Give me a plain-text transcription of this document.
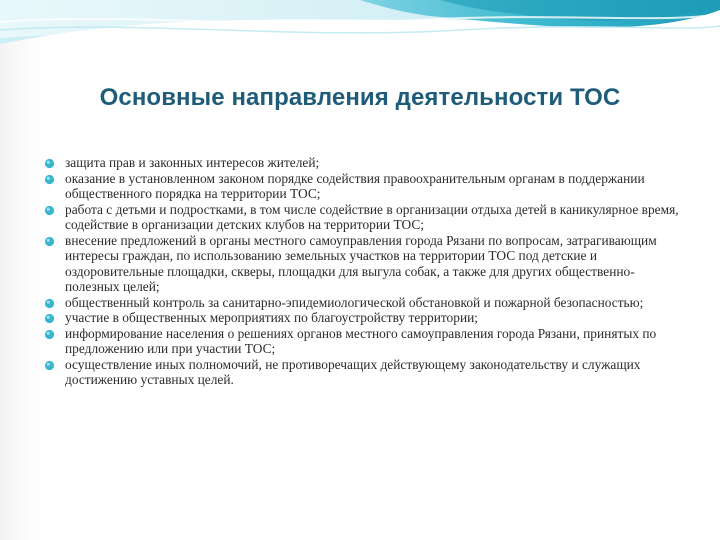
Основные направления деятельности ТОС
защита прав и законных интересов жителей;
оказание в установленном законом порядке содействия правоохранительным органам в поддержании общественного порядка на территории ТОС;
работа с детьми и подростками, в том числе содействие в организации отдыха детей в каникулярное время, содействие в организации детских клубов на территории ТОС;
внесение предложений в органы местного самоуправления города Рязани по вопросам, затрагивающим интересы граждан, по использованию земельных участков на территории ТОС под детские и оздоровительные площадки, скверы, площадки для выгула собак, а также для других общественно-полезных целей;
общественный контроль за санитарно-эпидемиологической обстановкой и пожарной безопасностью;
участие в общественных мероприятиях по благоустройству территории;
информирование населения о решениях органов местного самоуправления города Рязани, принятых по предложению или при участии ТОС;
осуществление иных полномочий, не противоречащих действующему законодательству и служащих достижению уставных целей.
